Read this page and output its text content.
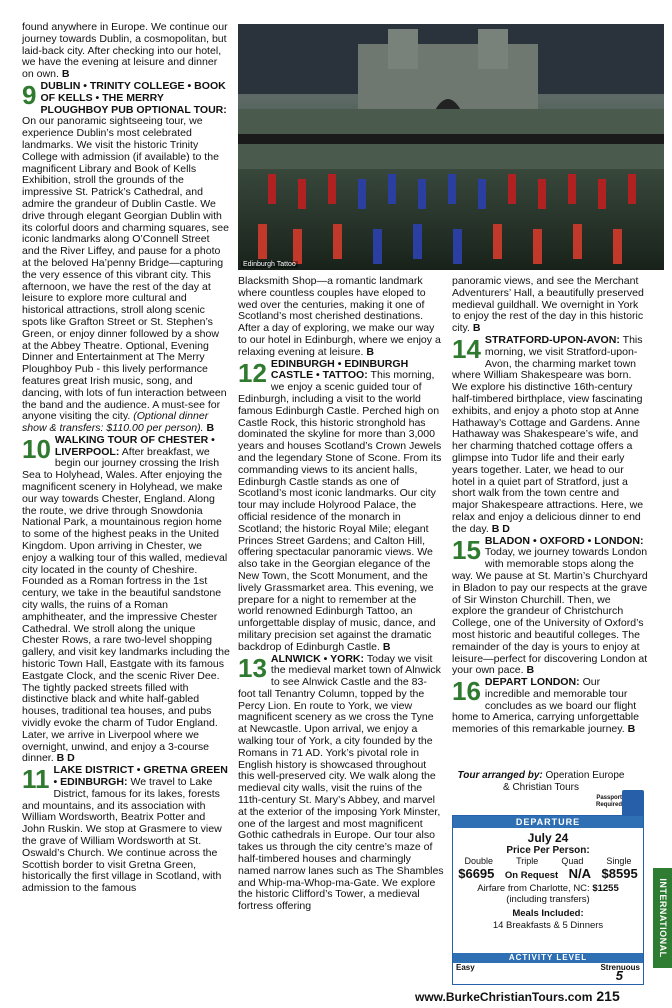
found anywhere in Europe. We continue our journey towards Dublin, a cosmopolitan, but laid-back city. After checking into our hotel, we have the evening at leisure and dinner on own. B

9 DUBLIN • TRINITY COLLEGE • BOOK OF KELLS • THE MERRY PLOUGHBOY PUB OPTIONAL TOUR: On our panoramic sightseeing tour, we experience Dublin’s most celebrated landmarks. We visit the historic Trinity College with admission (if available) to the magnificent Library and Book of Kells Exhibition, stroll the grounds of the impressive St. Patrick’s Cathedral, and admire the grandeur of Dublin Castle. We drive through elegant Georgian Dublin with its colorful doors and charming squares, see iconic landmarks along O’Connell Street and the River Liffey, and pause for a photo at the beloved Ha’penny Bridge—capturing the very essence of this vibrant city. This afternoon, we have the rest of the day at leisure to explore more cultural and historical attractions, stroll along scenic spots like Grafton Street or St. Stephen’s Green, or enjoy dinner followed by a show at the Abbey Theatre. Optional, Evening Dinner and Entertainment at The Merry Ploughboy Pub - this lively performance features great Irish music, song, and dancing, with lots of fun interaction between the band and the audience. A must-see for anyone visiting the city. (Optional dinner show & transfers: $110.00 per person). B

10 WALKING TOUR OF CHESTER • LIVERPOOL: After breakfast, we begin our journey crossing the Irish Sea to Holyhead, Wales. After enjoying the magnificent scenery in Holyhead, we make our way towards Chester, England. Along the route, we drive through Snowdonia National Park, a mountainous region home to some of the highest peaks in the United Kingdom. Upon arriving in Chester, we enjoy a walking tour of this walled, medieval city located in the county of Cheshire. Founded as a Roman fortress in the 1st century, we take in the beautiful sandstone city walls, the ruins of a Roman amphitheater, and the impressive Chester Cathedral. We stroll along the unique Chester Rows, a rare two-level shopping gallery, and visit key landmarks including the historic Town Hall, Eastgate with its famous Eastgate Clock, and the scenic River Dee. The tightly packed streets filled with distinctive black and white half-gabled houses, traditional tea houses, and pubs vividly evoke the charm of Tudor England. Later, we arrive in Liverpool where we overnight, unwind, and enjoy a 3-course dinner. B D

11 LAKE DISTRICT • GRETNA GREEN • EDINBURGH: We travel to Lake District, famous for its lakes, forests and mountains, and its association with William Wordsworth, Beatrix Potter and John Ruskin. We stop at Grasmere to view the grave of William Wordsworth at St. Oswald’s Church. We continue across the Scottish border to visit Gretna Green, historically the first village in Scotland, with admission to the famous

Edinburgh Tattoo

Blacksmith Shop—a romantic landmark where countless couples have eloped to wed over the centuries, making it one of Scotland’s most cherished destinations. After a day of exploring, we make our way to our hotel in Edinburgh, where we enjoy a relaxing evening at leisure. B

12 EDINBURGH • EDINBURGH CASTLE • TATTOO: This morning, we enjoy a scenic guided tour of Edinburgh, including a visit to the world famous Edinburgh Castle. Perched high on Castle Rock, this historic stronghold has dominated the skyline for more than 3,000 years and houses Scotland’s Crown Jewels and the legendary Stone of Scone. From its commanding views to its ancient halls, Edinburgh Castle stands as one of Scotland’s most iconic landmarks. Our city tour may include Holyrood Palace, the official residence of the monarch in Scotland; the historic Royal Mile; elegant Princes Street Gardens; and Calton Hill, offering spectacular panoramic views. We also take in the Georgian elegance of the New Town, the Scott Monument, and the lively Grassmarket area. This evening, we prepare for a night to remember at the world renowned Edinburgh Tattoo, an unforgettable display of music, dance, and military precision set against the dramatic backdrop of Edinburgh Castle. B

13 ALNWICK • YORK: Today we visit the medieval market town of Alnwick to see Alnwick Castle and the 83-foot tall Tenantry Column, topped by the Percy Lion. En route to York, we view magnificent scenery as we cross the Tyne at Newcastle. Upon arrival, we enjoy a walking tour of York, a city founded by the Romans in 71 AD. York’s pivotal role in English history is showcased throughout this well-preserved city. We walk along the medieval city walls, visit the ruins of the 11th-century St. Mary’s Abbey, and marvel at the exterior of the imposing York Minster, one of the largest and most magnificent Gothic cathedrals in Europe. Our tour also takes us through the city centre’s maze of half-timbered houses and charmingly named narrow lanes such as The Shambles and Whip-ma-Whop-ma-Gate. We explore the historic Clifford’s Tower, a medieval fortress offering

panoramic views, and see the Merchant Adventurers’ Hall, a beautifully preserved medieval guildhall. We overnight in York to enjoy the rest of the day in this historic city. B

14 STRATFORD-UPON-AVON: This morning, we visit Stratford-upon-Avon, the charming market town where William Shakespeare was born. We explore his distinctive 16th-century half-timbered birthplace, view fascinating exhibits, and enjoy a photo stop at Anne Hathaway’s Cottage and Gardens. Anne Hathaway was Shakespeare’s wife, and her charming thatched cottage offers a glimpse into Tudor life and their early years together. Later, we head to our hotel in a quiet part of Stratford, just a short walk from the town centre and major Shakespeare attractions. Here, we relax and enjoy a delicious dinner to end the day. B D

15 BLADON • OXFORD • LONDON: Today, we journey towards London with memorable stops along the way. We pause at St. Martin’s Churchyard in Bladon to pay our respects at the grave of Sir Winston Churchill. Then, we explore the grandeur of Christchurch College, one of the University of Oxford’s most historic and beautiful colleges. The remainder of the day is yours to enjoy at leisure—perfect for discovering London at your own pace. B

16 DEPART LONDON: Our incredible and memorable tour concludes as we board our flight home to America, carrying unforgettable memories of this remarkable journey. B

Tour arranged by: Operation Europe & Christian Tours
Passport
Required
DEPARTURE
July 24
Price Per Person:
Double	Triple	Quad	Single
$6695 On Request N/A $8595
Airfare from Charlotte, NC: $1255
(including transfers)
Meals Included:
14 Breakfasts & 5 Dinners
ACTIVITY LEVEL
Easy	Strenuous
5
INTERNATIONAL
www.BurkeChristianTours.com 215
